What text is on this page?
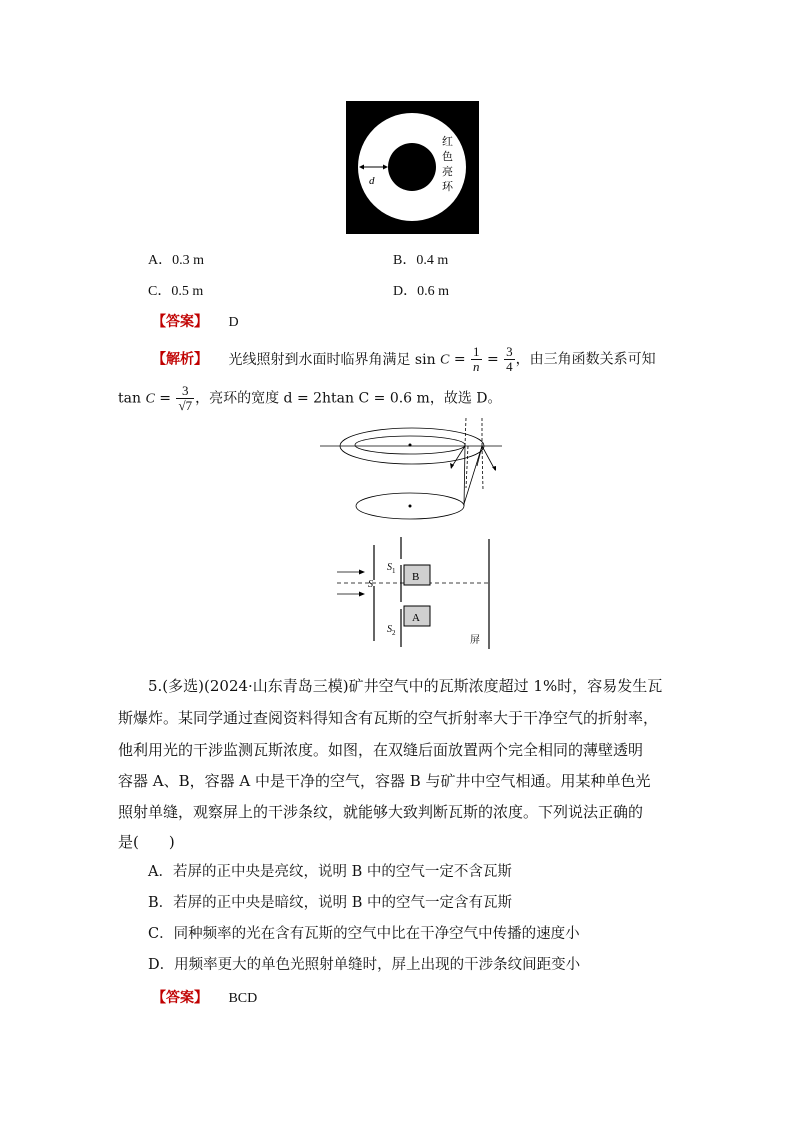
d
红
色
亮
环
A．0.3 m	B．0.4 m
C．0.5 m	D．0.6 m
【答案】 D
【解析】 光线照射到水面时临界角满足 $\sin C = \frac{1}{n} = \frac{3}{4}$ ，由三角函数关系可知
$\tan C = \frac{3}{√7}$ ，亮环的宽度 d = 2htan C = 0.6 m，故选 D。
S
$S_1$
$S_2$
B
A
屏
5.(多选)(2024·山东青岛三模)矿井空气中的瓦斯浓度超过 1%时，容易发生瓦
斯爆炸。某同学通过查阅资料得知含有瓦斯的空气折射率大于干净空气的折射率，
他利用光的干涉监测瓦斯浓度。如图，在双缝后面放置两个完全相同的薄壁透明
容器 A、B，容器 A 中是干净的空气，容器 B 与矿井中空气相通。用某种单色光
照射单缝，观察屏上的干涉条纹，就能够大致判断瓦斯的浓度。下列说法正确的
是(　　)
A．若屏的正中央是亮纹，说明 B 中的空气一定不含瓦斯
B．若屏的正中央是暗纹，说明 B 中的空气一定含有瓦斯
C．同种频率的光在含有瓦斯的空气中比在干净空气中传播的速度小
D．用频率更大的单色光照射单缝时，屏上出现的干涉条纹间距变小
【答案】 BCD
